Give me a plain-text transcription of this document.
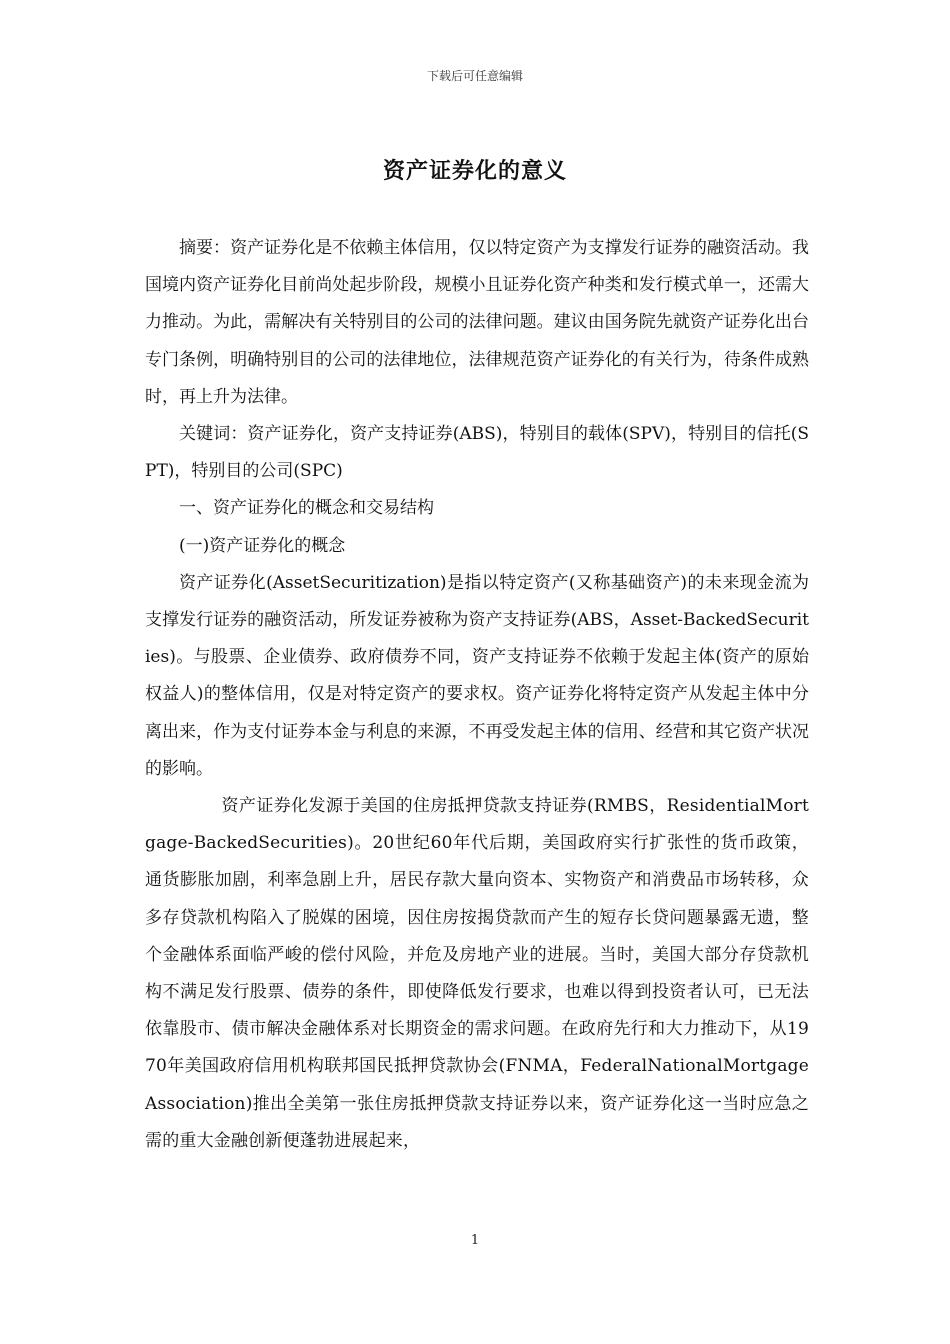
下载后可任意编辑
资产证券化的意义

摘要：资产证券化是不依赖主体信用，仅以特定资产为支撑发行证券的融资活动。我国境内资产证券化目前尚处起步阶段，规模小且证券化资产种类和发行模式单一，还需大力推动。为此，需解决有关特别目的公司的法律问题。建议由国务院先就资产证券化出台专门条例，明确特别目的公司的法律地位，法律规范资产证券化的有关行为，待条件成熟时，再上升为法律。

关键词：资产证券化，资产支持证券(ABS)，特别目的载体(SPV)，特别目的信托(SPT)，特别目的公司(SPC)

一、资产证券化的概念和交易结构

(一)资产证券化的概念

资产证券化(AssetSecuritization)是指以特定资产(又称基础资产)的未来现金流为支撑发行证券的融资活动，所发证券被称为资产支持证券(ABS，Asset-BackedSecurities)。与股票、企业债券、政府债券不同，资产支持证券不依赖于发起主体(资产的原始权益人)的整体信用，仅是对特定资产的要求权。资产证券化将特定资产从发起主体中分离出来，作为支付证券本金与利息的来源，不再受发起主体的信用、经营和其它资产状况的影响。

资产证券化发源于美国的住房抵押贷款支持证券(RMBS，ResidentialMortgage-BackedSecurities)。20世纪60年代后期，美国政府实行扩张性的货币政策，通货膨胀加剧，利率急剧上升，居民存款大量向资本、实物资产和消费品市场转移，众多存贷款机构陷入了脱媒的困境，因住房按揭贷款而产生的短存长贷问题暴露无遗，整个金融体系面临严峻的偿付风险，并危及房地产业的进展。当时，美国大部分存贷款机构不满足发行股票、债券的条件，即使降低发行要求，也难以得到投资者认可，已无法依靠股市、债市解决金融体系对长期资金的需求问题。在政府先行和大力推动下，从1970年美国政府信用机构联邦国民抵押贷款协会(FNMA，FederalNationalMortgageAssociation)推出全美第一张住房抵押贷款支持证券以来，资产证券化这一当时应急之需的重大金融创新便蓬勃进展起来，

1
